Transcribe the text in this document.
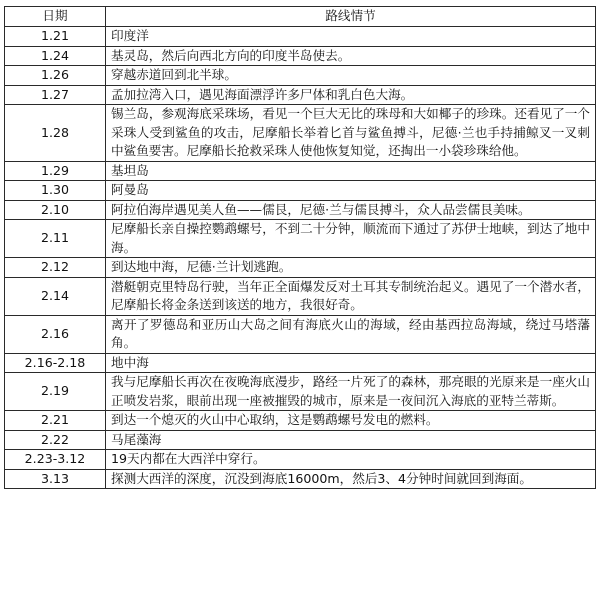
日期	路线情节
1.21	印度洋
1.24	基灵岛，然后向西北方向的印度半岛使去。
1.26	穿越赤道回到北半球。
1.27	孟加拉湾入口，遇见海面漂浮许多尸体和乳白色大海。
1.28	锡兰岛，参观海底采珠场，看见一个巨大无比的珠母和大如椰子的珍珠。还看见了一个采珠人受到鲨鱼的攻击，尼摩船长举着匕首与鲨鱼搏斗，尼德·兰也手持捕鲸叉一叉刺中鲨鱼要害。尼摩船长抢救采珠人使他恢复知觉，还掏出一小袋珍珠给他。
1.29	基坦岛
1.30	阿曼岛
2.10	阿拉伯海岸遇见美人鱼——儒艮，尼德·兰与儒艮搏斗，众人品尝儒艮美味。
2.11	尼摩船长亲自操控鹦鹉螺号，不到二十分钟，顺流而下通过了苏伊士地峡，到达了地中海。
2.12	到达地中海，尼德·兰计划逃跑。
2.14	潜艇朝克里特岛行驶，当年正全面爆发反对土耳其专制统治起义。遇见了一个潜水者，尼摩船长将金条送到该送的地方，我很好奇。
2.16	离开了罗德岛和亚历山大岛之间有海底火山的海域，经由基西拉岛海域，绕过马塔藩角。
2.16-2.18	地中海
2.19	我与尼摩船长再次在夜晚海底漫步，路经一片死了的森林，那亮眼的光原来是一座火山正喷发岩浆，眼前出现一座被摧毁的城市，原来是一夜间沉入海底的亚特兰蒂斯。
2.21	到达一个熄灭的火山中心取纳，这是鹦鹉螺号发电的燃料。
2.22	马尾藻海
2.23-3.12	19天内都在大西洋中穿行。
3.13	探测大西洋的深度，沉没到海底16000m，然后3、4分钟时间就回到海面。
